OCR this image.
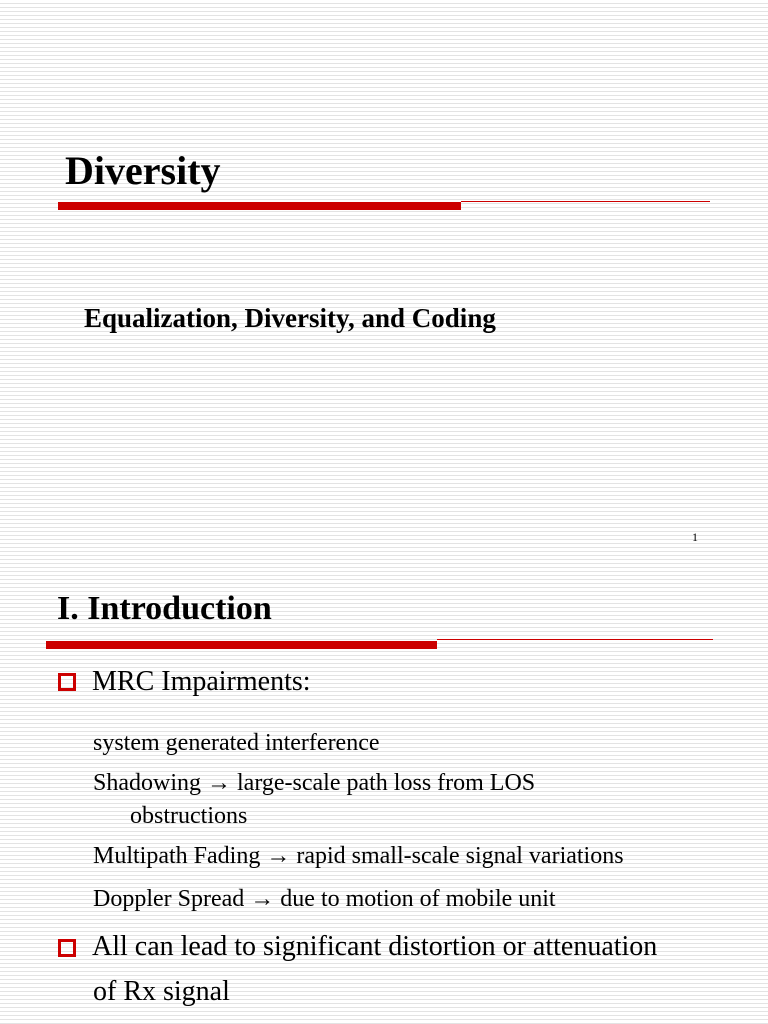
Diversity
Equalization, Diversity, and Coding
1
I. Introduction
MRC Impairments:
system generated interference
Shadowing → large-scale path loss from LOS
obstructions
Multipath Fading → rapid small-scale signal variations
Doppler Spread → due to motion of mobile unit
All can lead to significant distortion or attenuation
of Rx signal
